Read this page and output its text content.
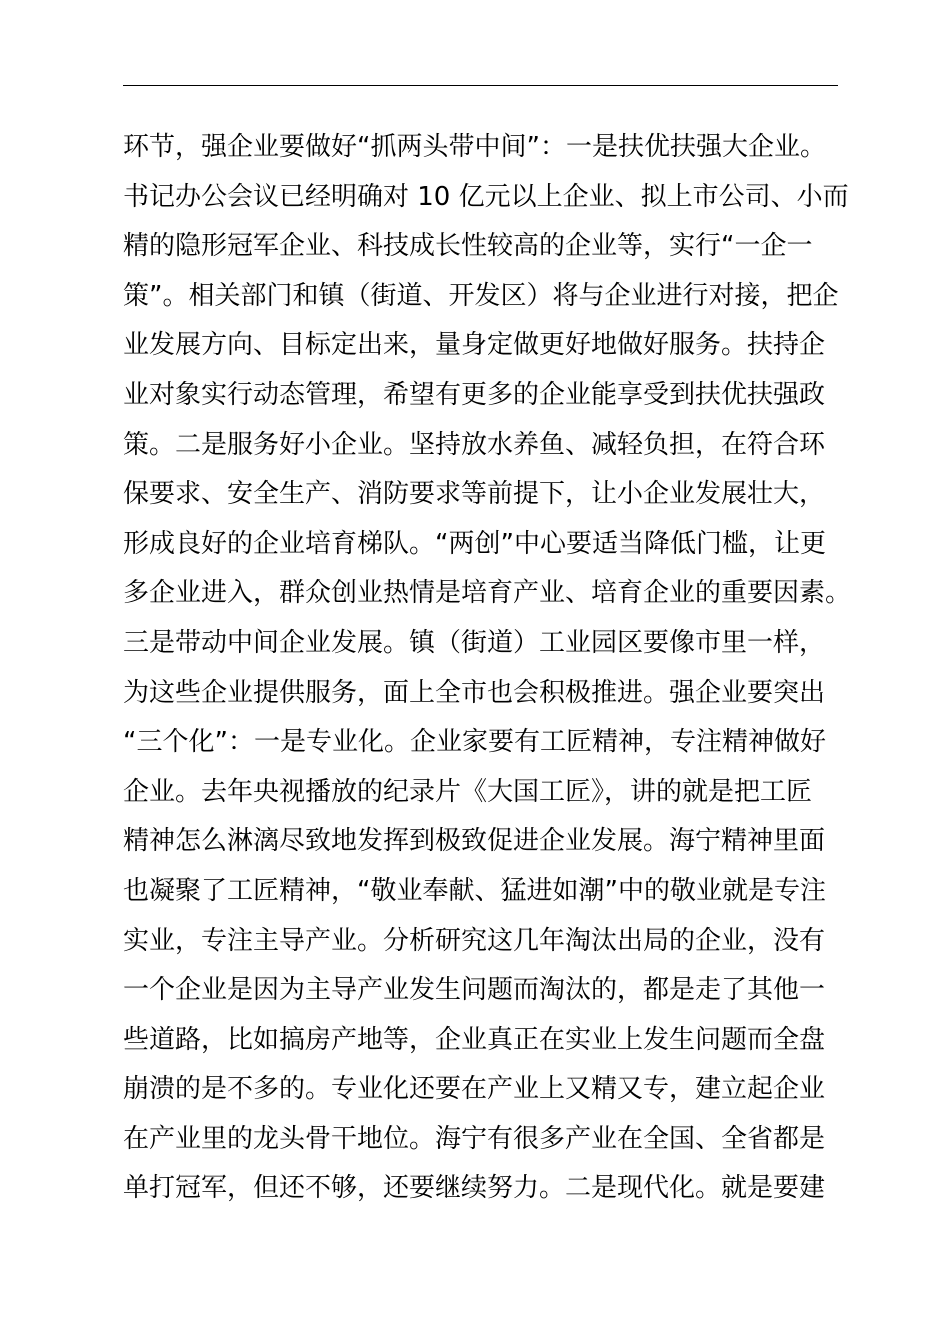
环节，强企业要做好“抓两头带中间”：一是扶优扶强大企业。
书记办公会议已经明确对 10 亿元以上企业、拟上市公司、小而
精的隐形冠军企业、科技成长性较高的企业等，实行“一企一
策”。相关部门和镇（街道、开发区）将与企业进行对接，把企
业发展方向、目标定出来，量身定做更好地做好服务。扶持企
业对象实行动态管理，希望有更多的企业能享受到扶优扶强政
策。二是服务好小企业。坚持放水养鱼、减轻负担，在符合环
保要求、安全生产、消防要求等前提下，让小企业发展壮大，
形成良好的企业培育梯队。“两创”中心要适当降低门槛，让更
多企业进入，群众创业热情是培育产业、培育企业的重要因素。
三是带动中间企业发展。镇（街道）工业园区要像市里一样，
为这些企业提供服务，面上全市也会积极推进。强企业要突出
“三个化”：一是专业化。企业家要有工匠精神，专注精神做好
企业。去年央视播放的纪录片《大国工匠》，讲的就是把工匠
精神怎么淋漓尽致地发挥到极致促进企业发展。海宁精神里面
也凝聚了工匠精神，“敬业奉献、猛进如潮”中的敬业就是专注
实业，专注主导产业。分析研究这几年淘汰出局的企业，没有
一个企业是因为主导产业发生问题而淘汰的，都是走了其他一
些道路，比如搞房产地等，企业真正在实业上发生问题而全盘
崩溃的是不多的。专业化还要在产业上又精又专，建立起企业
在产业里的龙头骨干地位。海宁有很多产业在全国、全省都是
单打冠军，但还不够，还要继续努力。二是现代化。就是要建
